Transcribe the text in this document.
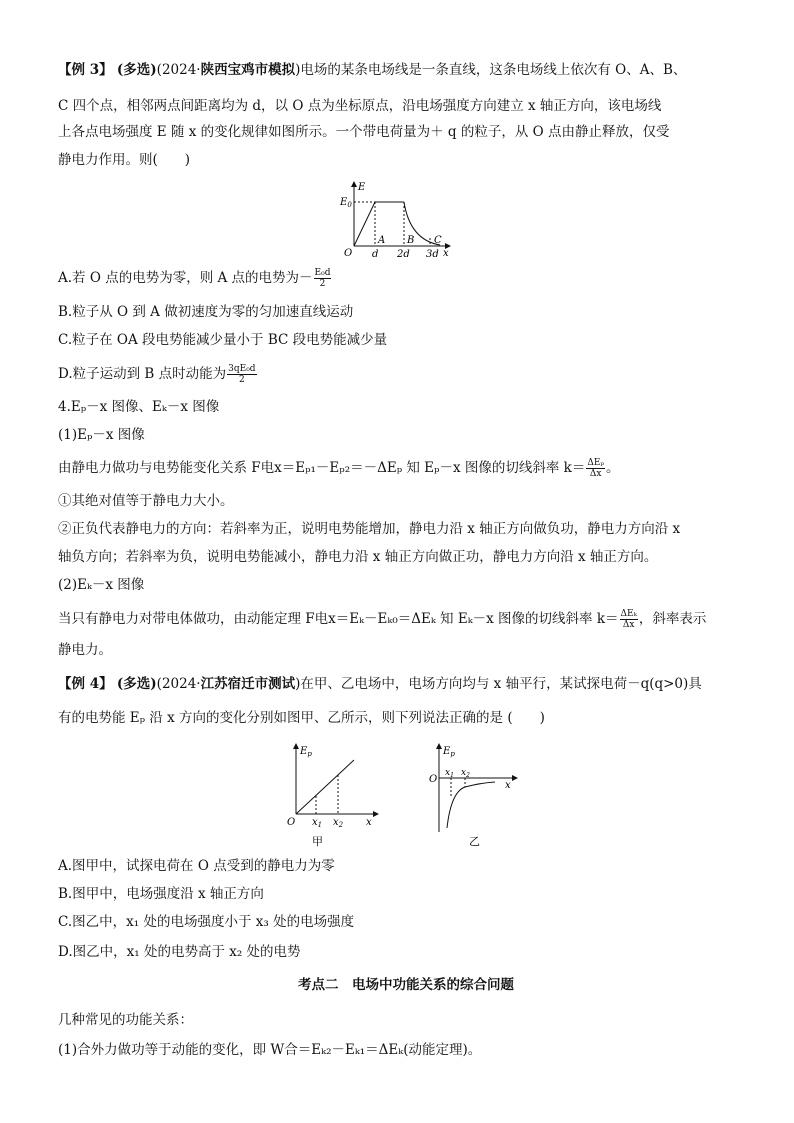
【例 3】 (多选)(2024·陕西宝鸡市模拟)电场的某条电场线是一条直线，这条电场线上依次有 O、A、B、
C 四个点，相邻两点间距离均为 d，以 O 点为坐标原点，沿电场强度方向建立 x 轴正方向，该电场线
上各点电场强度 E 随 x 的变化规律如图所示。一个带电荷量为＋ q 的粒子，从 O 点由静止释放，仅受
静电力作用。则(　　)
E
$E_0$
O
A B C
d 2d 3d x
A.若 O 点的电势为零，则 A 点的电势为－ $\frac{\text{E₀d}}{2}$
B.粒子从 O 到 A 做初速度为零的匀加速直线运动
C.粒子在 OA 段电势能减少量小于 BC 段电势能减少量
D.粒子运动到 B 点时动能为 $\frac{\text{3qE₀d}}{2}$
4.Eₚ－x 图像、Eₖ－x 图像
(1)Eₚ－x 图像
由静电力做功与电势能变化关系 F电x＝Eₚ₁－Eₚ₂＝－ΔEₚ 知 Eₚ－x 图像的切线斜率 $k= \frac{\text{ΔEₚ}}{\Delta x}$ 。
①其绝对值等于静电力大小。
②正负代表静电力的方向：若斜率为正，说明电势能增加，静电力沿 x 轴正方向做负功，静电力方向沿 x
轴负方向；若斜率为负，说明电势能减小，静电力沿 x 轴正方向做正功，静电力方向沿 x 轴正方向。
(2)Eₖ－x 图像
当只有静电力对带电体做功，由动能定理 F电x＝Eₖ－Eₖ₀＝ΔEₖ 知 Eₖ－x 图像的切线斜率 $k= \frac{\text{ΔEₖ}}{\Delta x}$ ，斜率表示
静电力。
【例 4】 (多选)(2024·江苏宿迁市测试)在甲、乙电场中，电场方向均与 x 轴平行，某试探电荷－q(q>0)具
有的电势能 Eₚ 沿 x 方向的变化分别如图甲、乙所示，则下列说法正确的是 (　　)
$E_p$
O $x_1$ $x_2$ x
甲
$E_p$
O
$x_1$ $x_2$
x
乙
A.图甲中，试探电荷在 O 点受到的静电力为零
B.图甲中，电场强度沿 x 轴正方向
C.图乙中，x₁ 处的电场强度小于 x₃ 处的电场强度
D.图乙中，x₁ 处的电势高于 x₂ 处的电势
考点二　电场中功能关系的综合问题
几种常见的功能关系：
(1)合外力做功等于动能的变化，即 W合＝Eₖ₂－Eₖ₁＝ΔEₖ(动能定理)。
